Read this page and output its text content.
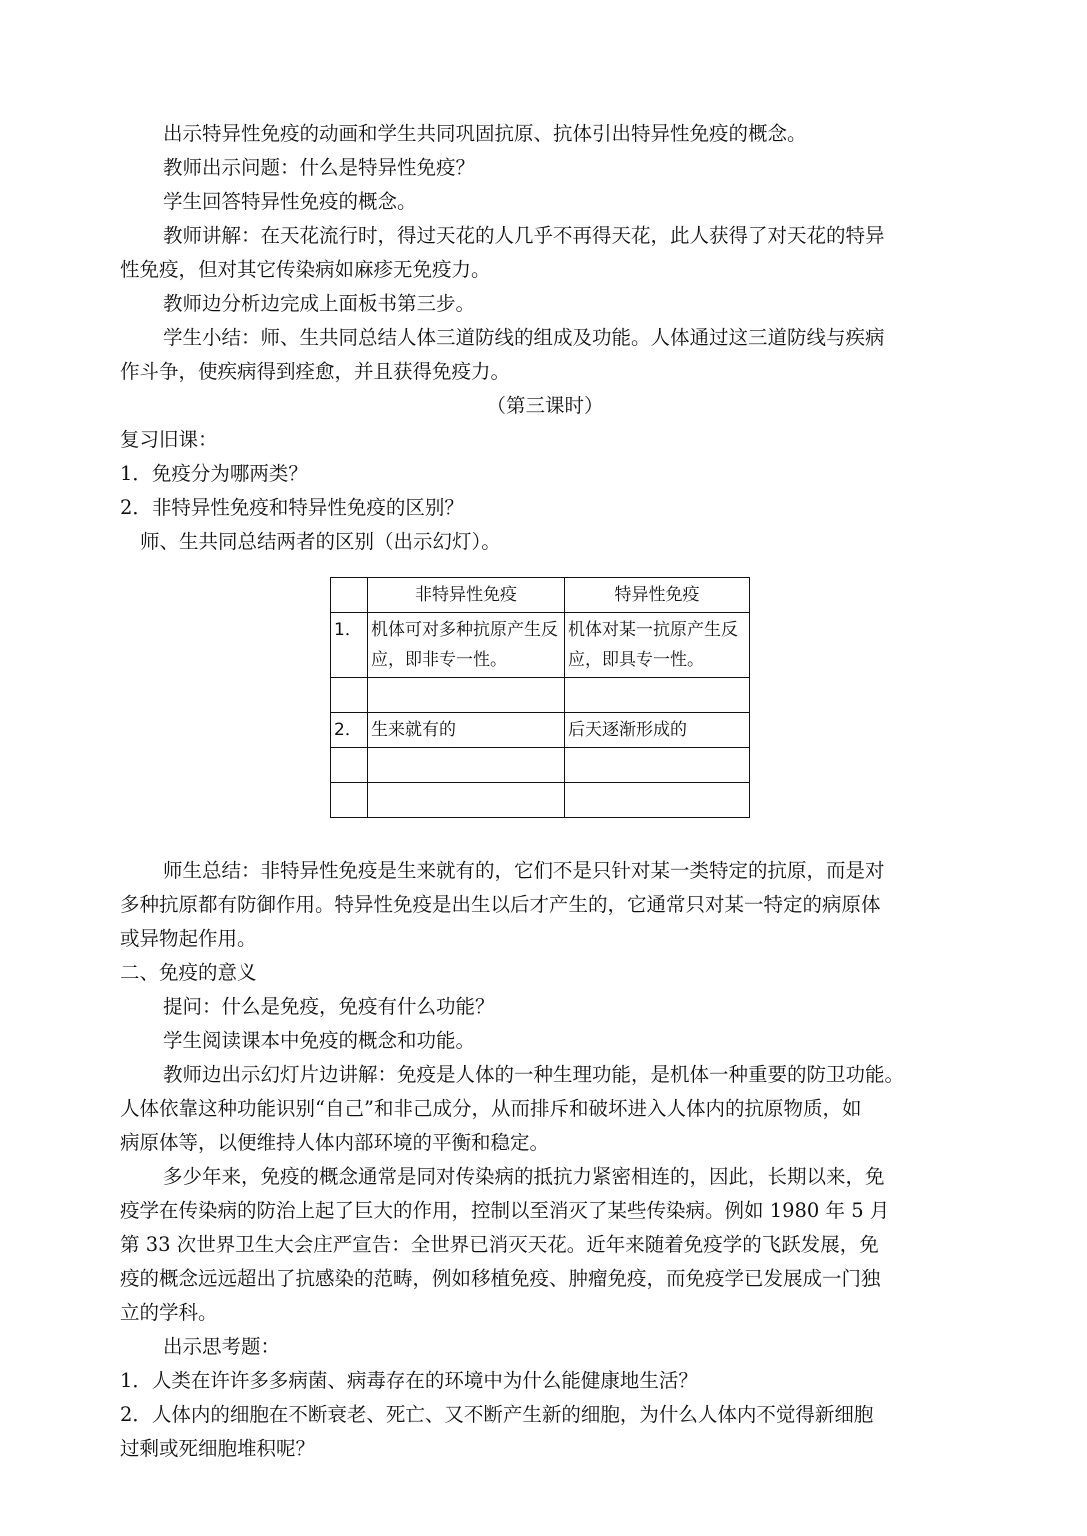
出示特异性免疫的动画和学生共同巩固抗原、抗体引出特异性免疫的概念。

教师出示问题：什么是特异性免疫？

学生回答特异性免疫的概念。

教师讲解：在天花流行时，得过天花的人几乎不再得天花，此人获得了对天花的特异

性免疫，但对其它传染病如麻疹无免疫力。

教师边分析边完成上面板书第三步。

学生小结：师、生共同总结人体三道防线的组成及功能。人体通过这三道防线与疾病

作斗争，使疾病得到痊愈，并且获得免疫力。

（第三课时）

复习旧课：

1．免疫分为哪两类？

2．非特异性免疫和特异性免疫的区别？

师、生共同总结两者的区别（出示幻灯）。

	非特异性免疫	特异性免疫
1．	机体可对多种抗原产生反应，即非专一性。	机体对某一抗原产生反应，即具专一性。

2．	生来就有的	后天逐渐形成的

师生总结：非特异性免疫是生来就有的，它们不是只针对某一类特定的抗原，而是对

多种抗原都有防御作用。特异性免疫是出生以后才产生的，它通常只对某一特定的病原体

或异物起作用。

二、免疫的意义

提问：什么是免疫，免疫有什么功能？

学生阅读课本中免疫的概念和功能。

教师边出示幻灯片边讲解：免疫是人体的一种生理功能，是机体一种重要的防卫功能。

人体依靠这种功能识别“自己”和非己成分，从而排斥和破坏进入人体内的抗原物质，如

病原体等，以便维持人体内部环境的平衡和稳定。

多少年来，免疫的概念通常是同对传染病的抵抗力紧密相连的，因此，长期以来，免

疫学在传染病的防治上起了巨大的作用，控制以至消灭了某些传染病。例如 1980 年 5 月

第 33 次世界卫生大会庄严宣告：全世界已消灭天花。近年来随着免疫学的飞跃发展，免

疫的概念远远超出了抗感染的范畴，例如移植免疫、肿瘤免疫，而免疫学已发展成一门独

立的学科。

出示思考题：

1．人类在许许多多病菌、病毒存在的环境中为什么能健康地生活？

2．人体内的细胞在不断衰老、死亡、又不断产生新的细胞，为什么人体内不觉得新细胞

过剩或死细胞堆积呢？
